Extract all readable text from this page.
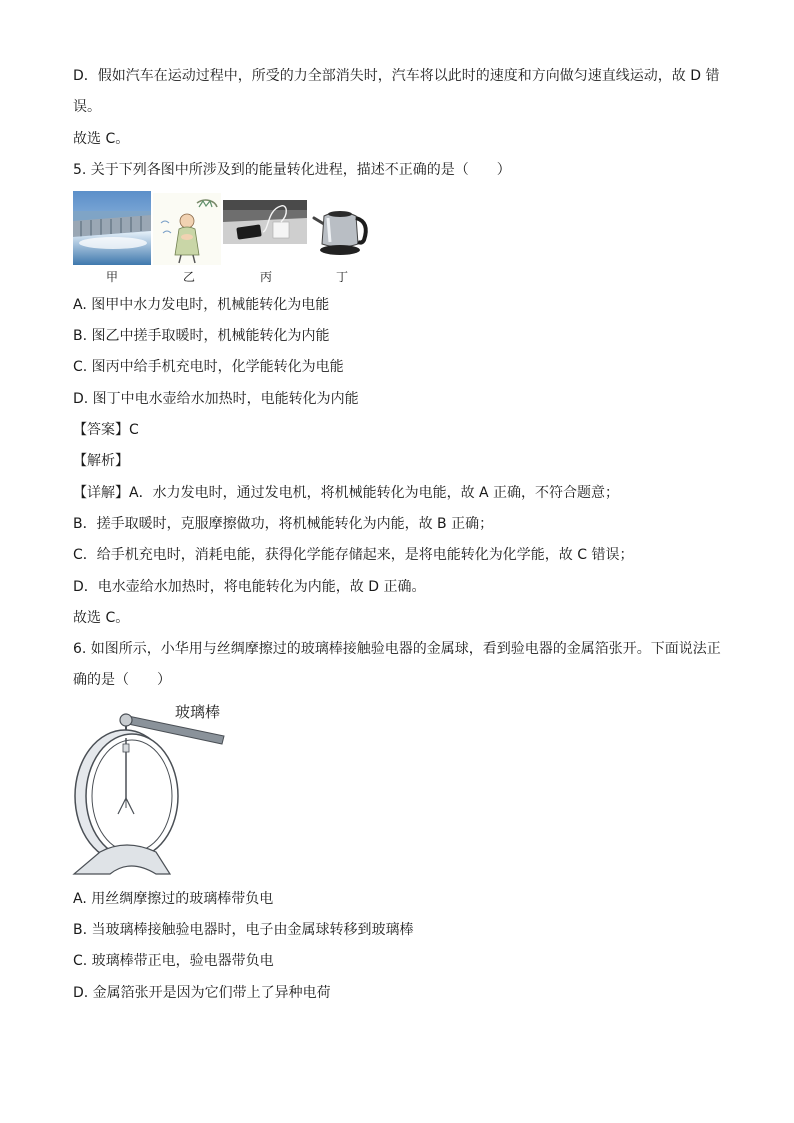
D．假如汽车在运动过程中，所受的力全部消失时，汽车将以此时的速度和方向做匀速直线运动，故 D 错
误。
故选 C。
5. 关于下列各图中所涉及到的能量转化进程，描述不正确的是（　　）
甲	乙	丙	丁
A. 图甲中水力发电时，机械能转化为电能
B. 图乙中搓手取暖时，机械能转化为内能
C. 图丙中给手机充电时，化学能转化为电能
D. 图丁中电水壶给水加热时，电能转化为内能
【答案】C
【解析】
【详解】A．水力发电时，通过发电机，将机械能转化为电能，故 A 正确，不符合题意；
B．搓手取暖时，克服摩擦做功，将机械能转化为内能，故 B 正确；
C．给手机充电时，消耗电能，获得化学能存储起来，是将电能转化为化学能，故 C 错误；
D．电水壶给水加热时，将电能转化为内能，故 D 正确。
故选 C。
6. 如图所示，小华用与丝绸摩擦过的玻璃棒接触验电器的金属球，看到验电器的金属箔张开。下面说法正
确的是（　　）
玻璃棒
A. 用丝绸摩擦过的玻璃棒带负电
B. 当玻璃棒接触验电器时，电子由金属球转移到玻璃棒
C. 玻璃棒带正电，验电器带负电
D. 金属箔张开是因为它们带上了异种电荷
